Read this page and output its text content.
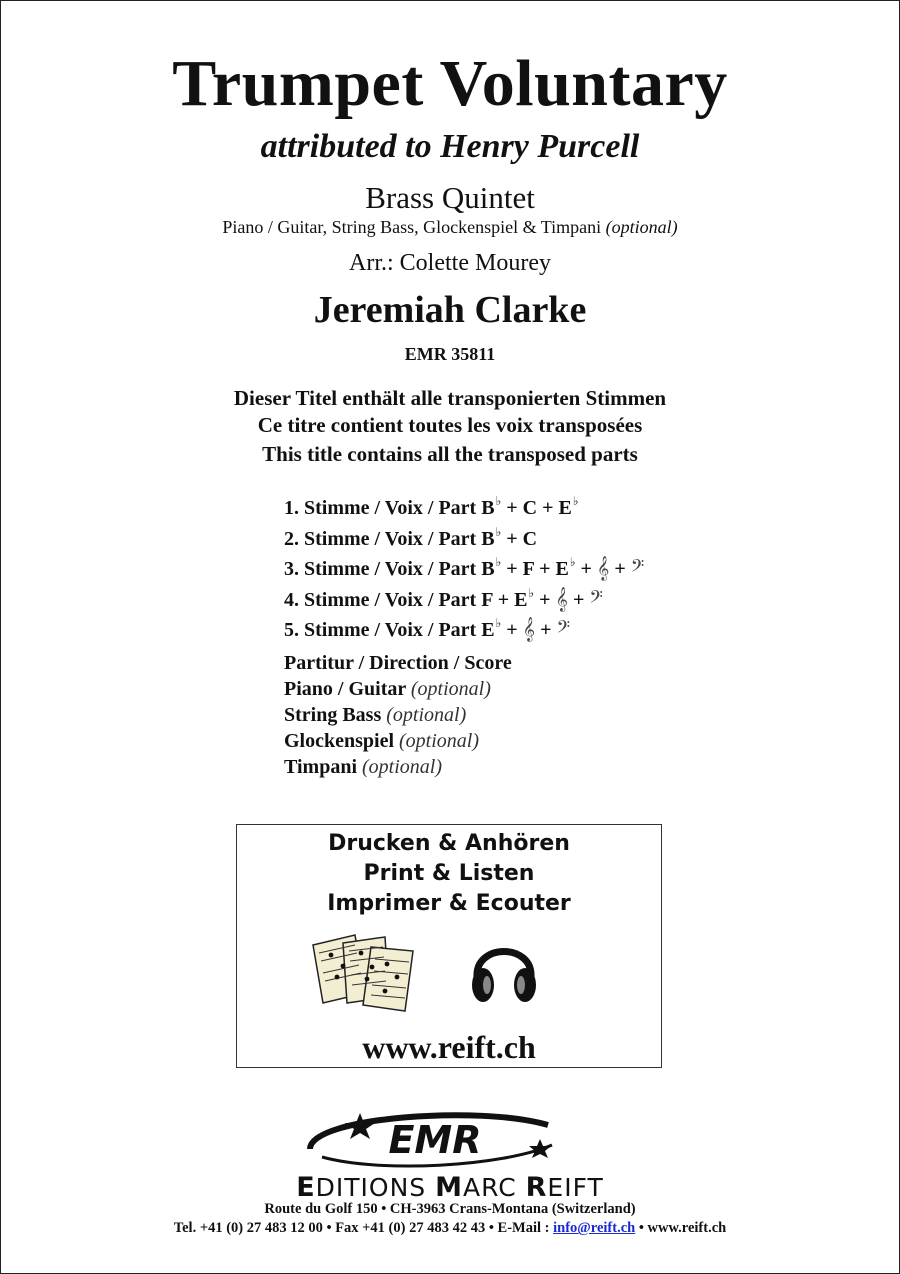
Trumpet Voluntary
attributed to Henry Purcell
Brass Quintet
Piano / Guitar, String Bass, Glockenspiel & Timpani (optional)
Arr.: Colette Mourey
Jeremiah Clarke
EMR 35811
Dieser Titel enthält alle transponierten Stimmen
Ce titre contient toutes les voix transposées
This title contains all the transposed parts
1. Stimme / Voix / Part B♭ + C + E♭
2. Stimme / Voix / Part B♭ + C
3. Stimme / Voix / Part B♭ + F + E♭ + 𝄞 + 𝄢
4. Stimme / Voix / Part F + E♭ + 𝄞 + 𝄢
5. Stimme / Voix / Part E♭ + 𝄞 + 𝄢
Partitur / Direction / Score
Piano / Guitar (optional)
String Bass (optional)
Glockenspiel (optional)
Timpani (optional)
Drucken & Anhören
Print & Listen
Imprimer & Ecouter
www.reift.ch
EMR
EDITIONS MARC REIFT
Route du Golf 150 • CH-3963 Crans-Montana (Switzerland)
Tel. +41 (0) 27 483 12 00 • Fax +41 (0) 27 483 42 43 • E-Mail : info@reift.ch • www.reift.ch
